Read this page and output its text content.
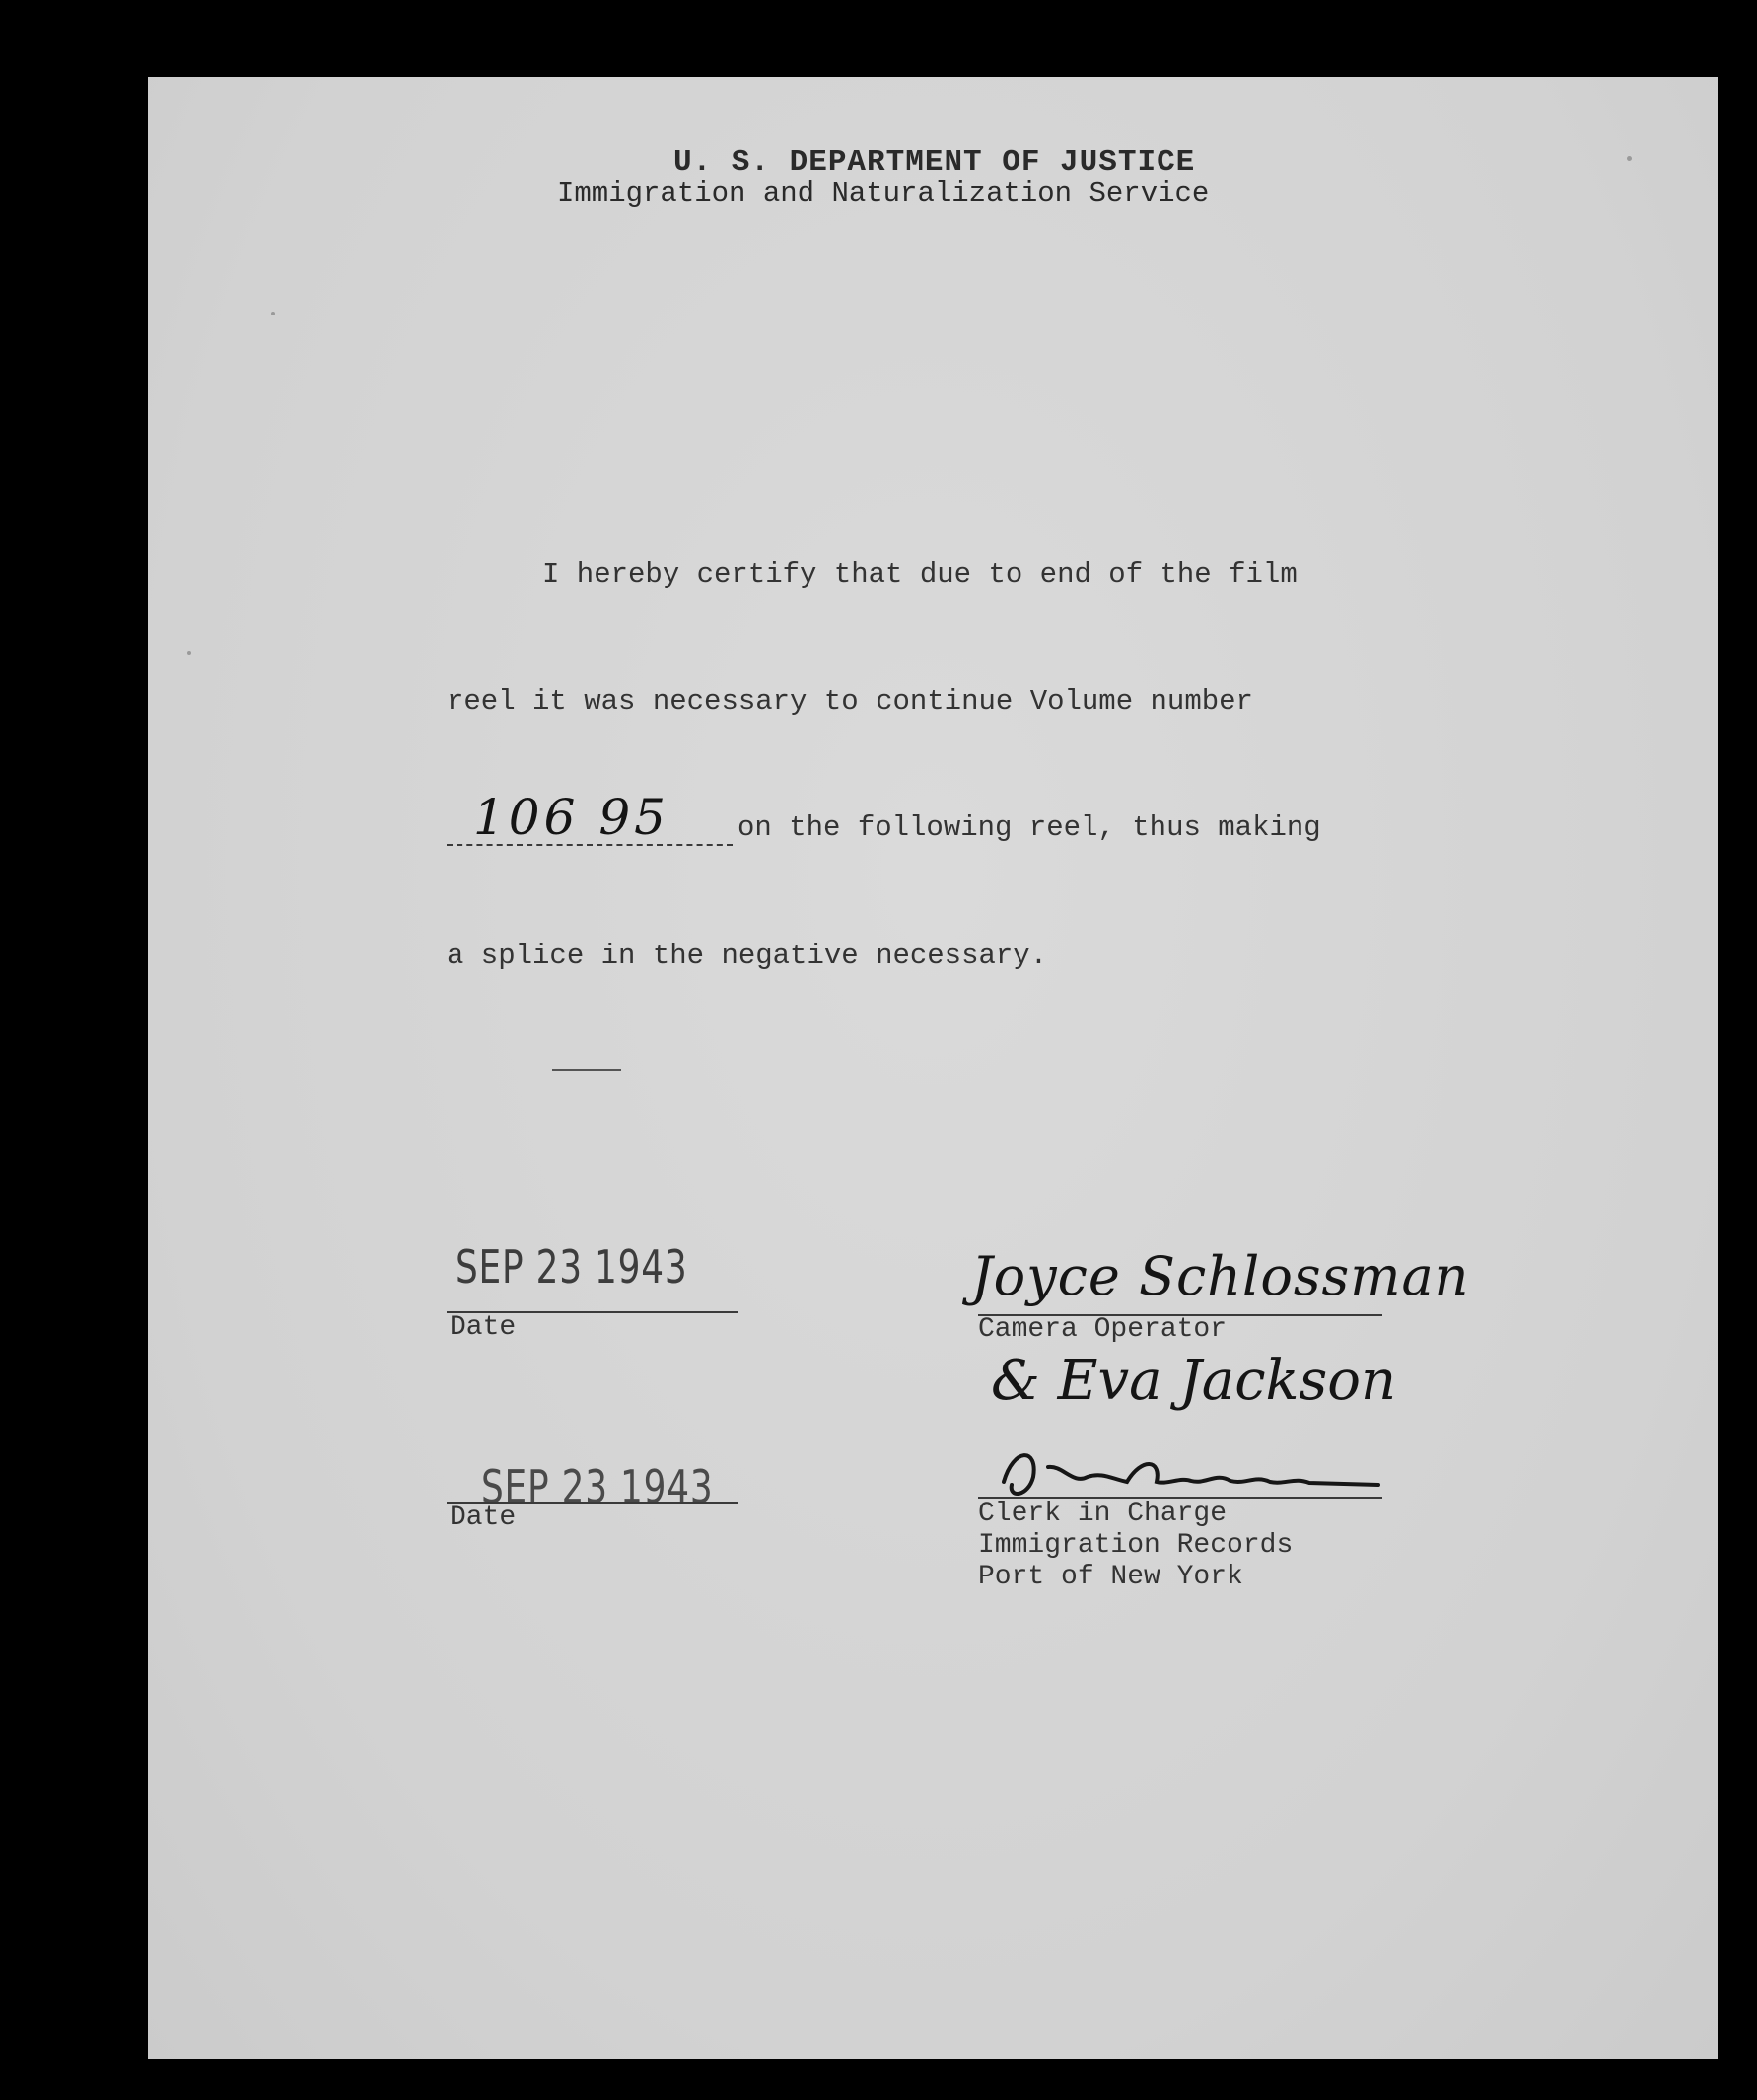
U. S. DEPARTMENT OF JUSTICE

Immigration and Naturalization Service

I hereby certify that due to end of the film

reel it was necessary to continue Volume number

106 95 on the following reel, thus making

a splice in the negative necessary.

SEP 23 1943

Date

SEP 23 1943

Date

Joyce Schlossman

Camera Operator

& Eva Jackson

Clerk in Charge

Immigration Records

Port of New York
